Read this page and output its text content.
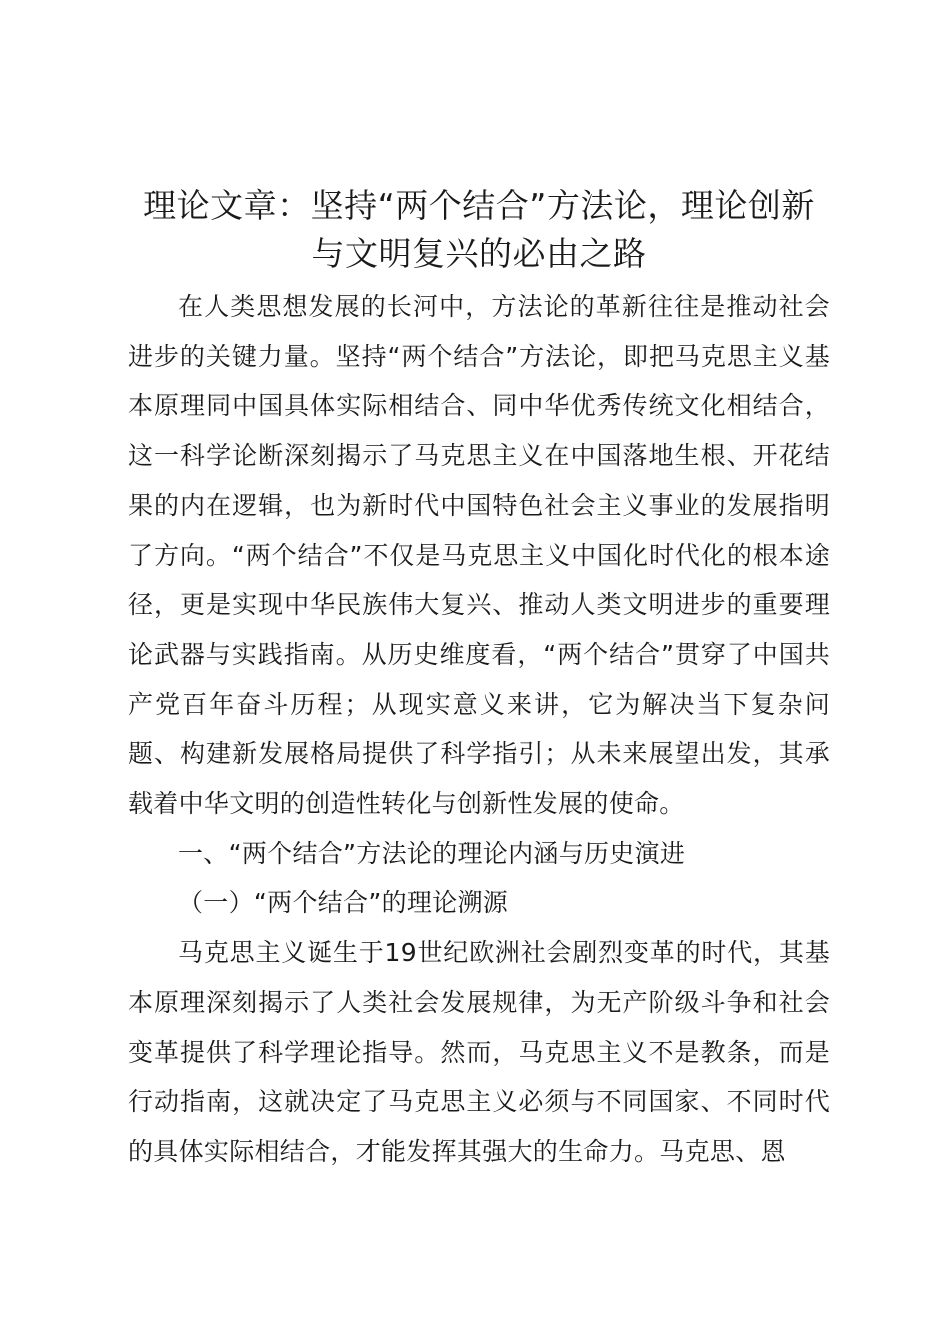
理论文章：坚持“两个结合”方法论，理论创新与文明复兴的必由之路

在人类思想发展的长河中，方法论的革新往往是推动社会进步的关键力量。坚持“两个结合”方法论，即把马克思主义基本原理同中国具体实际相结合、同中华优秀传统文化相结合，这一科学论断深刻揭示了马克思主义在中国落地生根、开花结果的内在逻辑，也为新时代中国特色社会主义事业的发展指明了方向。“两个结合”不仅是马克思主义中国化时代化的根本途径，更是实现中华民族伟大复兴、推动人类文明进步的重要理论武器与实践指南。从历史维度看，“两个结合”贯穿了中国共产党百年奋斗历程；从现实意义来讲，它为解决当下复杂问题、构建新发展格局提供了科学指引；从未来展望出发，其承载着中华文明的创造性转化与创新性发展的使命。

一、“两个结合”方法论的理论内涵与历史演进

（一）“两个结合”的理论溯源

马克思主义诞生于19世纪欧洲社会剧烈变革的时代，其基本原理深刻揭示了人类社会发展规律，为无产阶级斗争和社会变革提供了科学理论指导。然而，马克思主义不是教条，而是行动指南，这就决定了马克思主义必须与不同国家、不同时代的具体实际相结合，才能发挥其强大的生命力。马克思、恩
